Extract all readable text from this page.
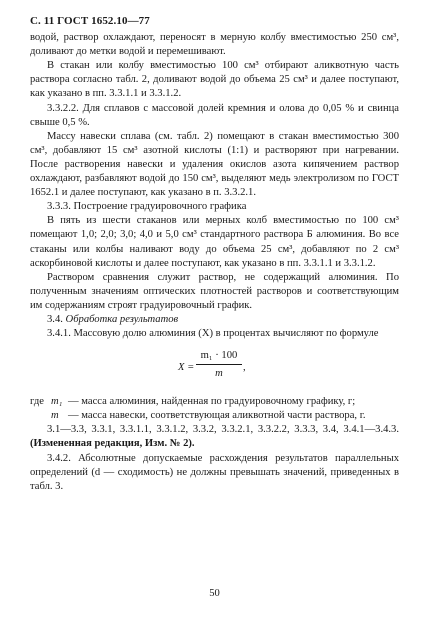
С. 11 ГОСТ 1652.10—77

водой, раствор охлаждают, переносят в мерную колбу вместимостью 250 см³, доливают до метки водой и перемешивают.

В стакан или колбу вместимостью 100 см³ отбирают аликвотную часть раствора согласно табл. 2, доливают водой до объема 25 см³ и далее поступают, как указано в пп. 3.3.1.1 и 3.3.1.2.

3.3.2.2. Для сплавов с массовой долей кремния и олова до 0,05 % и свинца свыше 0,5 %.

Массу навески сплава (см. табл. 2) помещают в стакан вместимостью 300 см³, добавляют 15 см³ азотной кислоты (1:1) и растворяют при нагревании. После растворения навески и удаления окислов азота кипячением раствор охлаждают, разбавляют водой до 150 см³, выделяют медь электролизом по ГОСТ 1652.1 и далее поступают, как указано в п. 3.3.2.1.

3.3.3. Построение градуировочного графика

В пять из шести стаканов или мерных колб вместимостью по 100 см³ помещают 1,0; 2,0; 3,0; 4,0 и 5,0 см³ стандартного раствора Б алюминия. Во все стаканы или колбы наливают воду до объема 25 см³, добавляют по 2 см³ аскорбиновой кислоты и далее поступают, как указано в пп. 3.3.1.1 и 3.3.1.2.

Раствором сравнения служит раствор, не содержащий алюминия. По полученным значениям оптических плотностей растворов и соответствующим им содержаниям строят градуировочный график.

3.4. Обработка результатов

3.4.1. Массовую долю алюминия (X) в процентах вычисляют по формуле

X =
m₁ · 100
m
,
где m₁ — масса алюминия, найденная по градуировочному графику, г;
m — масса навески, соответствующая аликвотной части раствора, г.

3.1—3.3, 3.3.1, 3.3.1.1, 3.3.1.2, 3.3.2, 3.3.2.1, 3.3.2.2, 3.3.3, 3.4, 3.4.1—3.4.3. (Измененная редакция, Изм. № 2).

3.4.2. Абсолютные допускаемые расхождения результатов параллельных определений (d — сходимость) не должны превышать значений, приведенных в табл. 3.

50
